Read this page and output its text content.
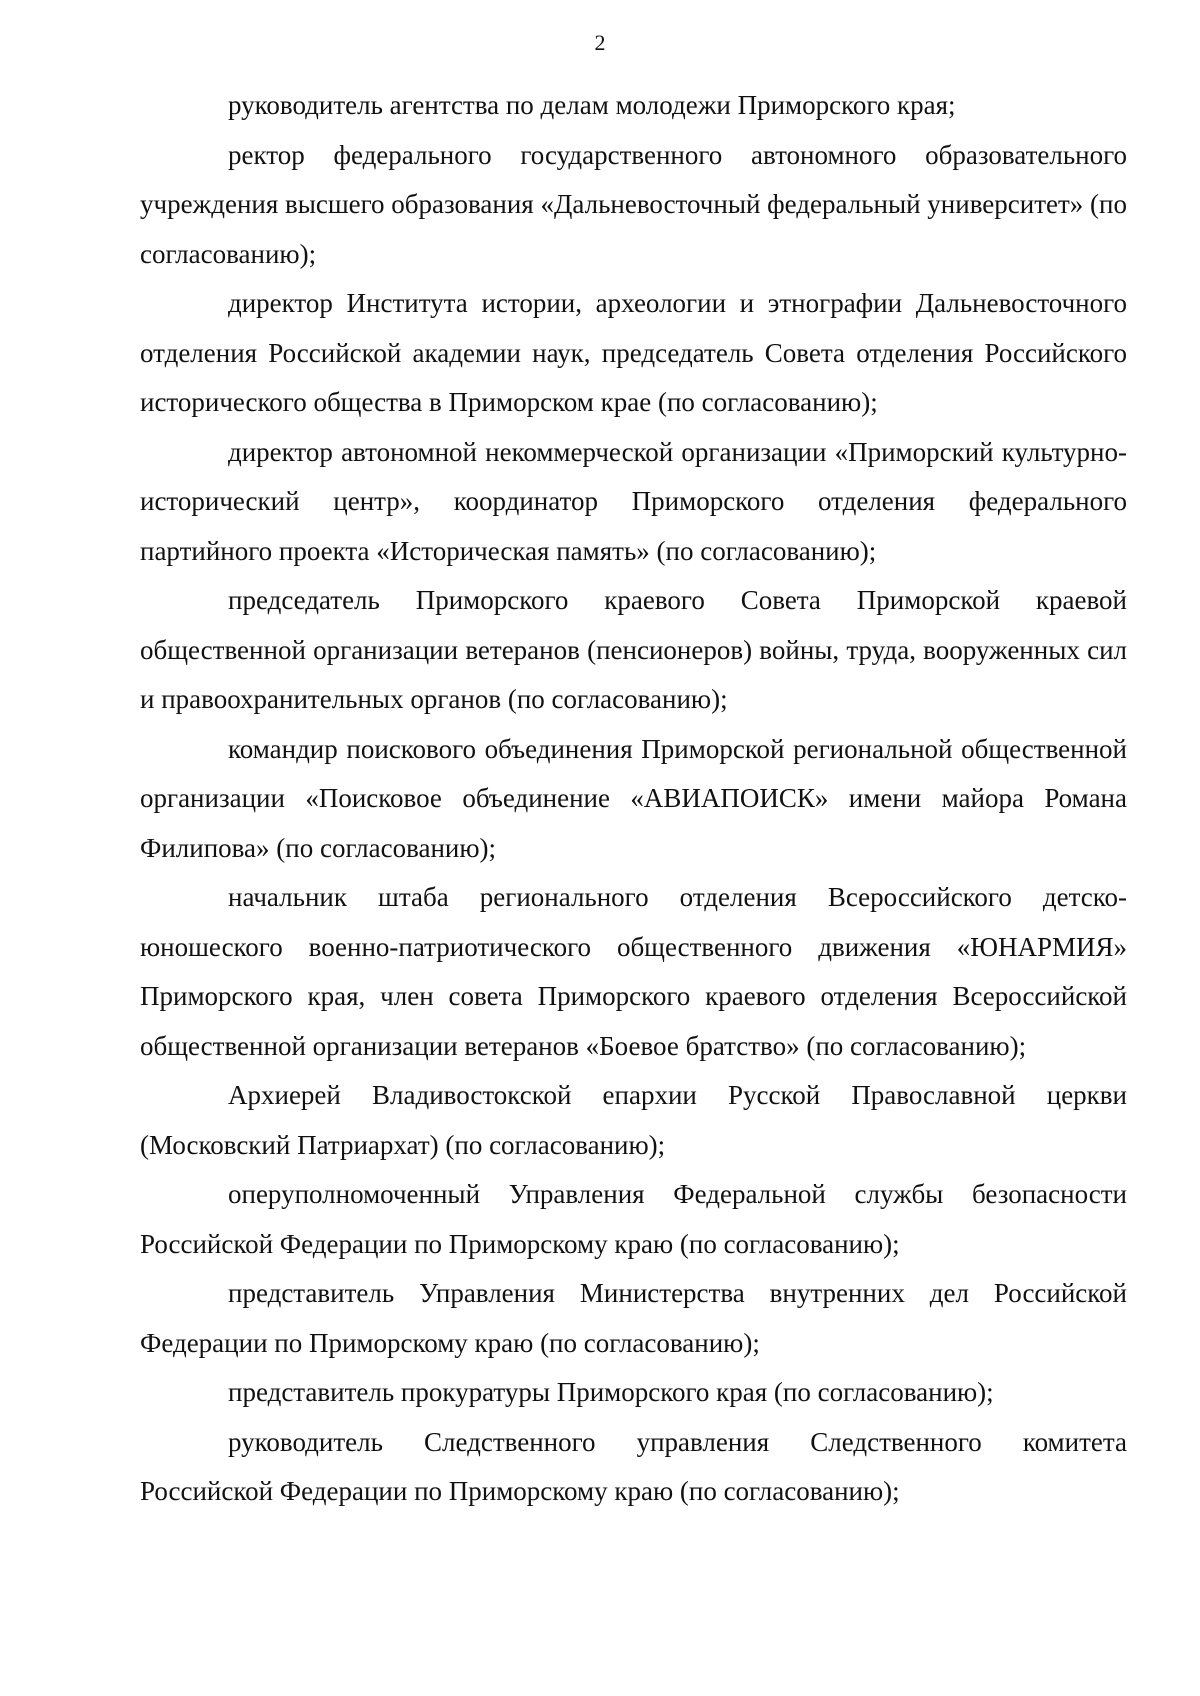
2

руководитель агентства по делам молодежи Приморского края;

ректор федерального государственного автономного образовательного учреждения высшего образования «Дальневосточный федеральный университет» (по согласованию);

директор Института истории, археологии и этнографии Дальневосточного отделения Российской академии наук, председатель Совета отделения Российского исторического общества в Приморском крае (по согласованию);

директор автономной некоммерческой организации «Приморский культурно-исторический центр», координатор Приморского отделения федерального партийного проекта «Историческая память» (по согласованию);

председатель Приморского краевого Совета Приморской краевой общественной организации ветеранов (пенсионеров) войны, труда, вооруженных сил и правоохранительных органов (по согласованию);

командир поискового объединения Приморской региональной общественной организации «Поисковое объединение «АВИАПОИСК» имени майора Романа Филипова» (по согласованию);

начальник штаба регионального отделения Всероссийского детско-юношеского военно-патриотического общественного движения «ЮНАРМИЯ» Приморского края, член совета Приморского краевого отделения Всероссийской общественной организации ветеранов «Боевое братство» (по согласованию);

Архиерей Владивостокской епархии Русской Православной церкви (Московский Патриархат) (по согласованию);

оперуполномоченный Управления Федеральной службы безопасности Российской Федерации по Приморскому краю (по согласованию);

представитель Управления Министерства внутренних дел Российской Федерации по Приморскому краю (по согласованию);

представитель прокуратуры Приморского края (по согласованию);

руководитель Следственного управления Следственного комитета Российской Федерации по Приморскому краю (по согласованию);
